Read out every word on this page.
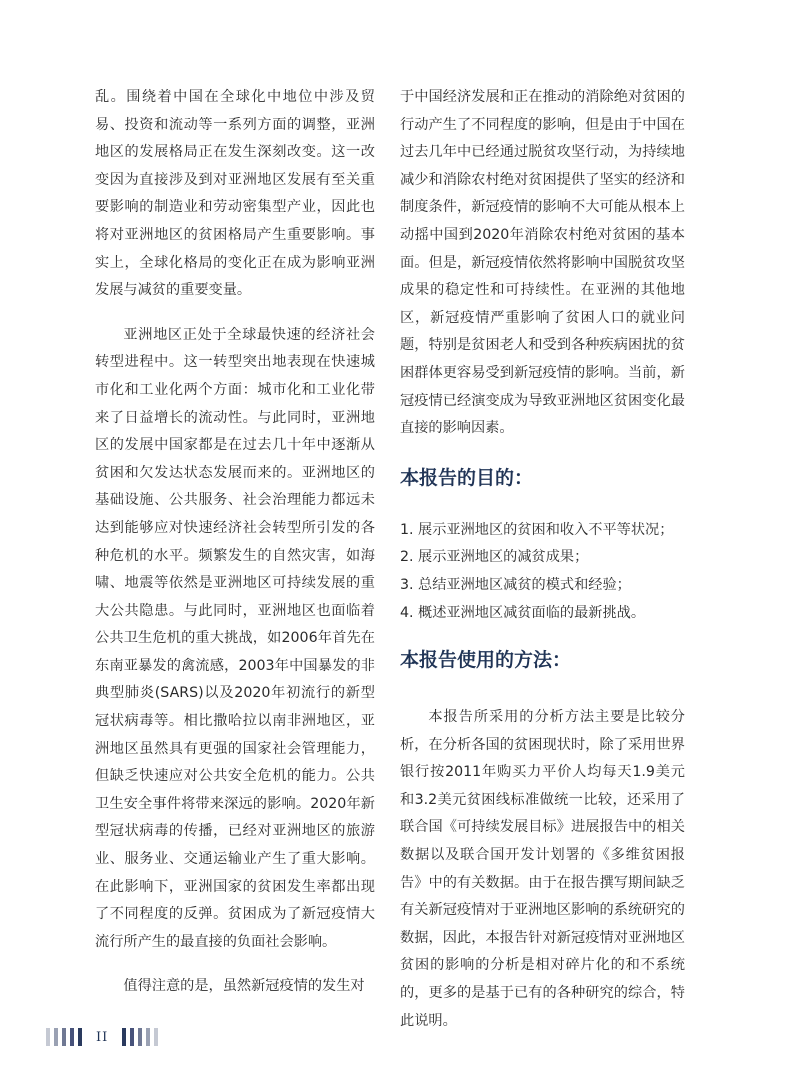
乱。围绕着中国在全球化中地位中涉及贸易、投资和流动等一系列方面的调整，亚洲地区的发展格局正在发生深刻改变。这一改变因为直接涉及到对亚洲地区发展有至关重要影响的制造业和劳动密集型产业，因此也将对亚洲地区的贫困格局产生重要影响。事实上，全球化格局的变化正在成为影响亚洲发展与减贫的重要变量。

亚洲地区正处于全球最快速的经济社会转型进程中。这一转型突出地表现在快速城市化和工业化两个方面：城市化和工业化带来了日益增长的流动性。与此同时，亚洲地区的发展中国家都是在过去几十年中逐渐从贫困和欠发达状态发展而来的。亚洲地区的基础设施、公共服务、社会治理能力都远未达到能够应对快速经济社会转型所引发的各种危机的水平。频繁发生的自然灾害，如海啸、地震等依然是亚洲地区可持续发展的重大公共隐患。与此同时，亚洲地区也面临着公共卫生危机的重大挑战，如2006年首先在东南亚暴发的禽流感，2003年中国暴发的非典型肺炎(SARS)以及2020年初流行的新型冠状病毒等。相比撒哈拉以南非洲地区，亚洲地区虽然具有更强的国家社会管理能力，但缺乏快速应对公共安全危机的能力。公共卫生安全事件将带来深远的影响。2020年新型冠状病毒的传播，已经对亚洲地区的旅游业、服务业、交通运输业产生了重大影响。在此影响下，亚洲国家的贫困发生率都出现了不同程度的反弹。贫困成为了新冠疫情大流行所产生的最直接的负面社会影响。

值得注意的是，虽然新冠疫情的发生对

于中国经济发展和正在推动的消除绝对贫困的行动产生了不同程度的影响，但是由于中国在过去几年中已经通过脱贫攻坚行动，为持续地减少和消除农村绝对贫困提供了坚实的经济和制度条件，新冠疫情的影响不大可能从根本上动摇中国到2020年消除农村绝对贫困的基本面。但是，新冠疫情依然将影响中国脱贫攻坚成果的稳定性和可持续性。在亚洲的其他地区，新冠疫情严重影响了贫困人口的就业问题，特别是贫困老人和受到各种疾病困扰的贫困群体更容易受到新冠疫情的影响。当前，新冠疫情已经演变成为导致亚洲地区贫困变化最直接的影响因素。

本报告的目的：

1. 展示亚洲地区的贫困和收入不平等状况；

2. 展示亚洲地区的减贫成果；

3. 总结亚洲地区减贫的模式和经验；

4. 概述亚洲地区减贫面临的最新挑战。

本报告使用的方法：

本报告所采用的分析方法主要是比较分析，在分析各国的贫困现状时，除了采用世界银行按2011年购买力平价人均每天1.9美元和3.2美元贫困线标准做统一比较，还采用了联合国《可持续发展目标》进展报告中的相关数据以及联合国开发计划署的《多维贫困报告》中的有关数据。由于在报告撰写期间缺乏有关新冠疫情对于亚洲地区影响的系统研究的数据，因此，本报告针对新冠疫情对亚洲地区贫困的影响的分析是相对碎片化的和不系统的，更多的是基于已有的各种研究的综合，特此说明。

II
